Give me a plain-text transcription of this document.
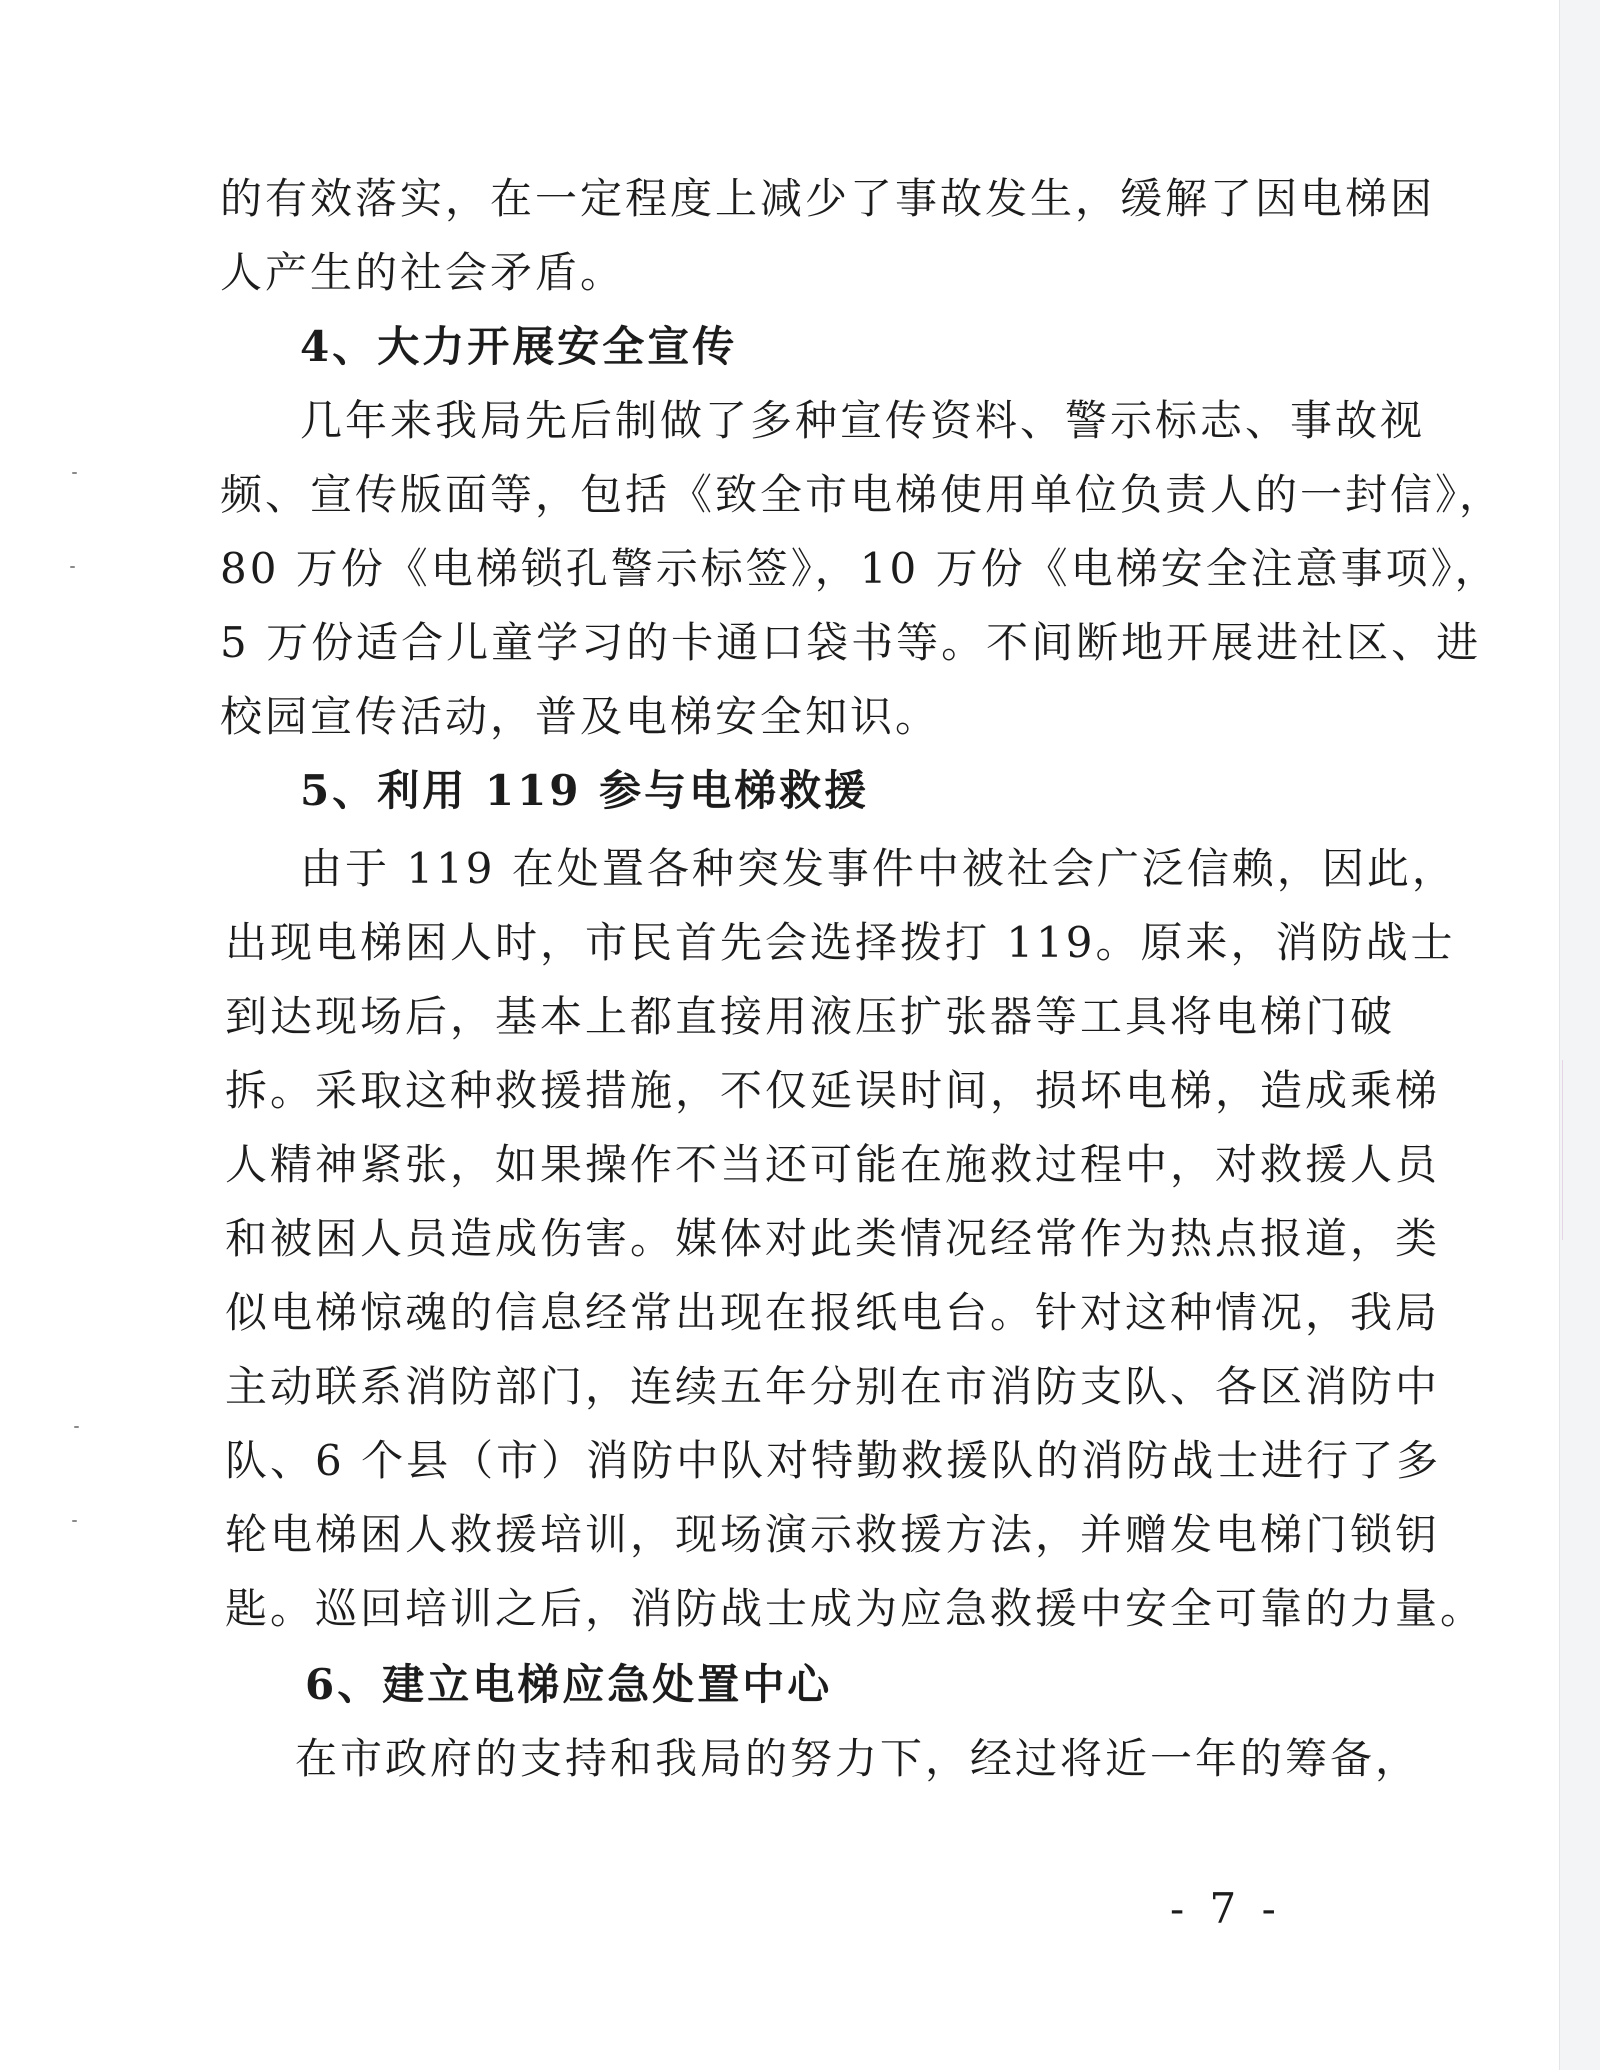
的有效落实，在一定程度上减少了事故发生，缓解了因电梯困
人产生的社会矛盾。
4、大力开展安全宣传
几年来我局先后制做了多种宣传资料、警示标志、事故视
频、宣传版面等，包括《致全市电梯使用单位负责人的一封信》，
80 万份《电梯锁孔警示标签》，10 万份《电梯安全注意事项》，
5 万份适合儿童学习的卡通口袋书等。不间断地开展进社区、进
校园宣传活动，普及电梯安全知识。
5、利用 119 参与电梯救援
由于 119 在处置各种突发事件中被社会广泛信赖，因此，
出现电梯困人时，市民首先会选择拨打 119。原来，消防战士
到达现场后，基本上都直接用液压扩张器等工具将电梯门破
拆。采取这种救援措施，不仅延误时间，损坏电梯，造成乘梯
人精神紧张，如果操作不当还可能在施救过程中，对救援人员
和被困人员造成伤害。媒体对此类情况经常作为热点报道，类
似电梯惊魂的信息经常出现在报纸电台。针对这种情况，我局
主动联系消防部门，连续五年分别在市消防支队、各区消防中
队、6 个县（市）消防中队对特勤救援队的消防战士进行了多
轮电梯困人救援培训，现场演示救援方法，并赠发电梯门锁钥
匙。巡回培训之后，消防战士成为应急救援中安全可靠的力量。
6、建立电梯应急处置中心
在市政府的支持和我局的努力下，经过将近一年的筹备，
- 7 -
